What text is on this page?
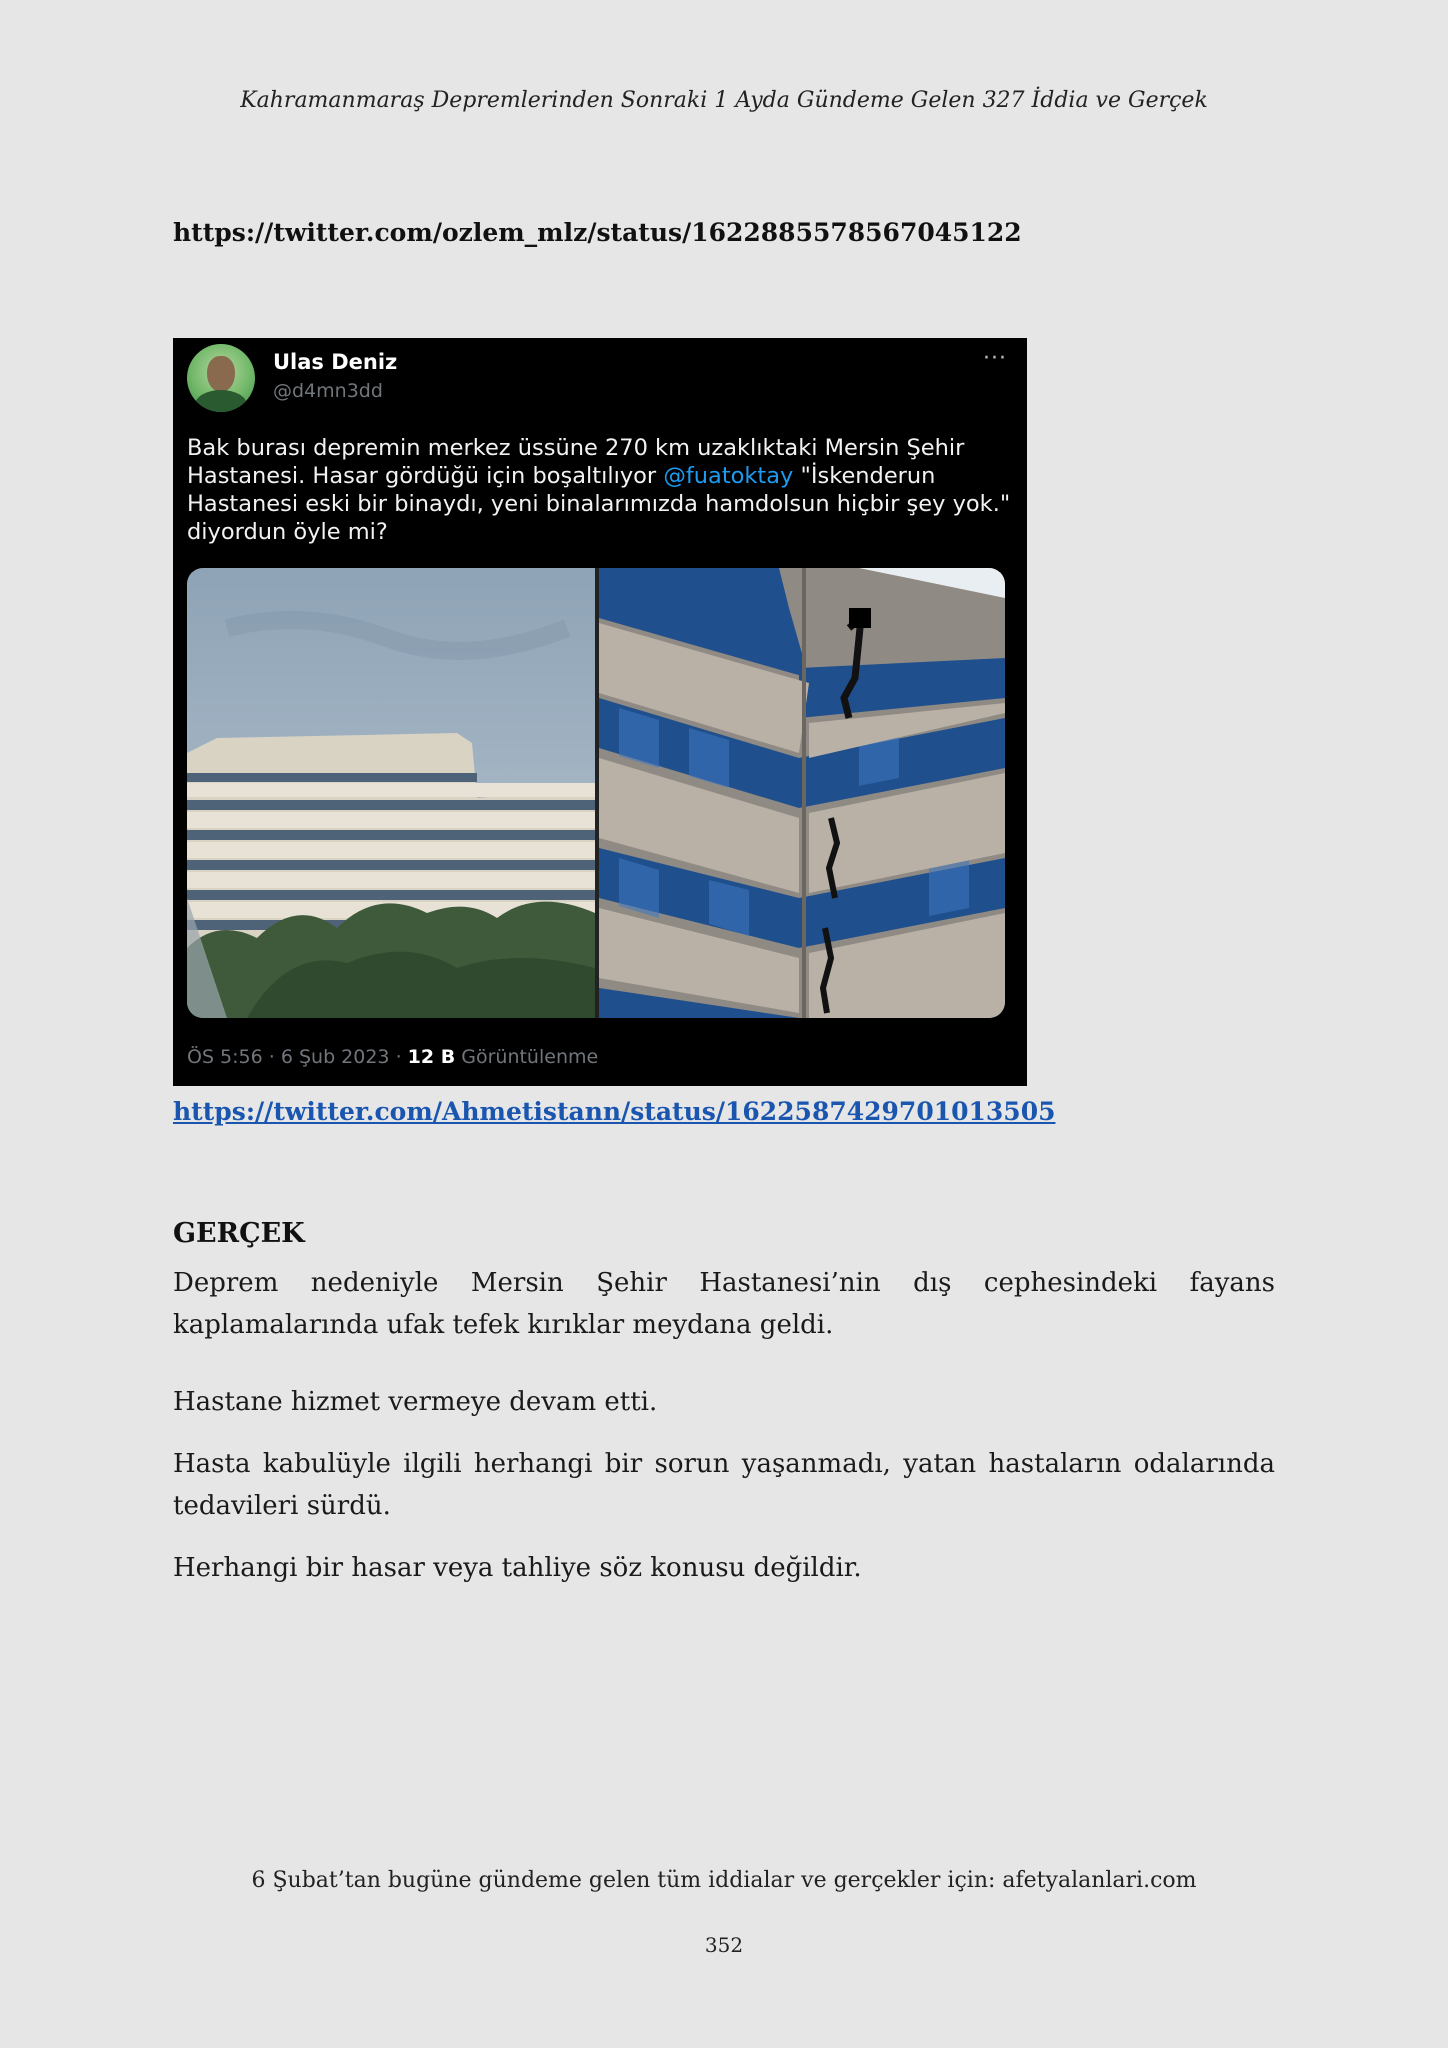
Kahramanmaraş Depremlerinden Sonraki 1 Ayda Gündeme Gelen 327 İddia ve Gerçek
https://twitter.com/ozlem_mlz/status/1622885578567045122
Ulas Deniz
@d4mn3dd
···
Bak burası depremin merkez üssüne 270 km uzaklıktaki Mersin Şehir Hastanesi. Hasar gördüğü için boşaltılıyor @fuatoktay "İskenderun Hastanesi eski bir binaydı, yeni binalarımızda hamdolsun hiçbir şey yok." diyordun öyle mi?
ÖS 5:56 · 6 Şub 2023 · 12 B Görüntülenme
https://twitter.com/Ahmetistann/status/1622587429701013505
GERÇEK

Deprem nedeniyle Mersin Şehir Hastanesi’nin dış cephesindeki fayans kaplamalarında ufak tefek kırıklar meydana geldi.

Hastane hizmet vermeye devam etti.

Hasta kabulüyle ilgili herhangi bir sorun yaşanmadı, yatan hastaların odalarında tedavileri sürdü.

Herhangi bir hasar veya tahliye söz konusu değildir.

6 Şubat’tan bugüne gündeme gelen tüm iddialar ve gerçekler için: afetyalanlari.com
352
